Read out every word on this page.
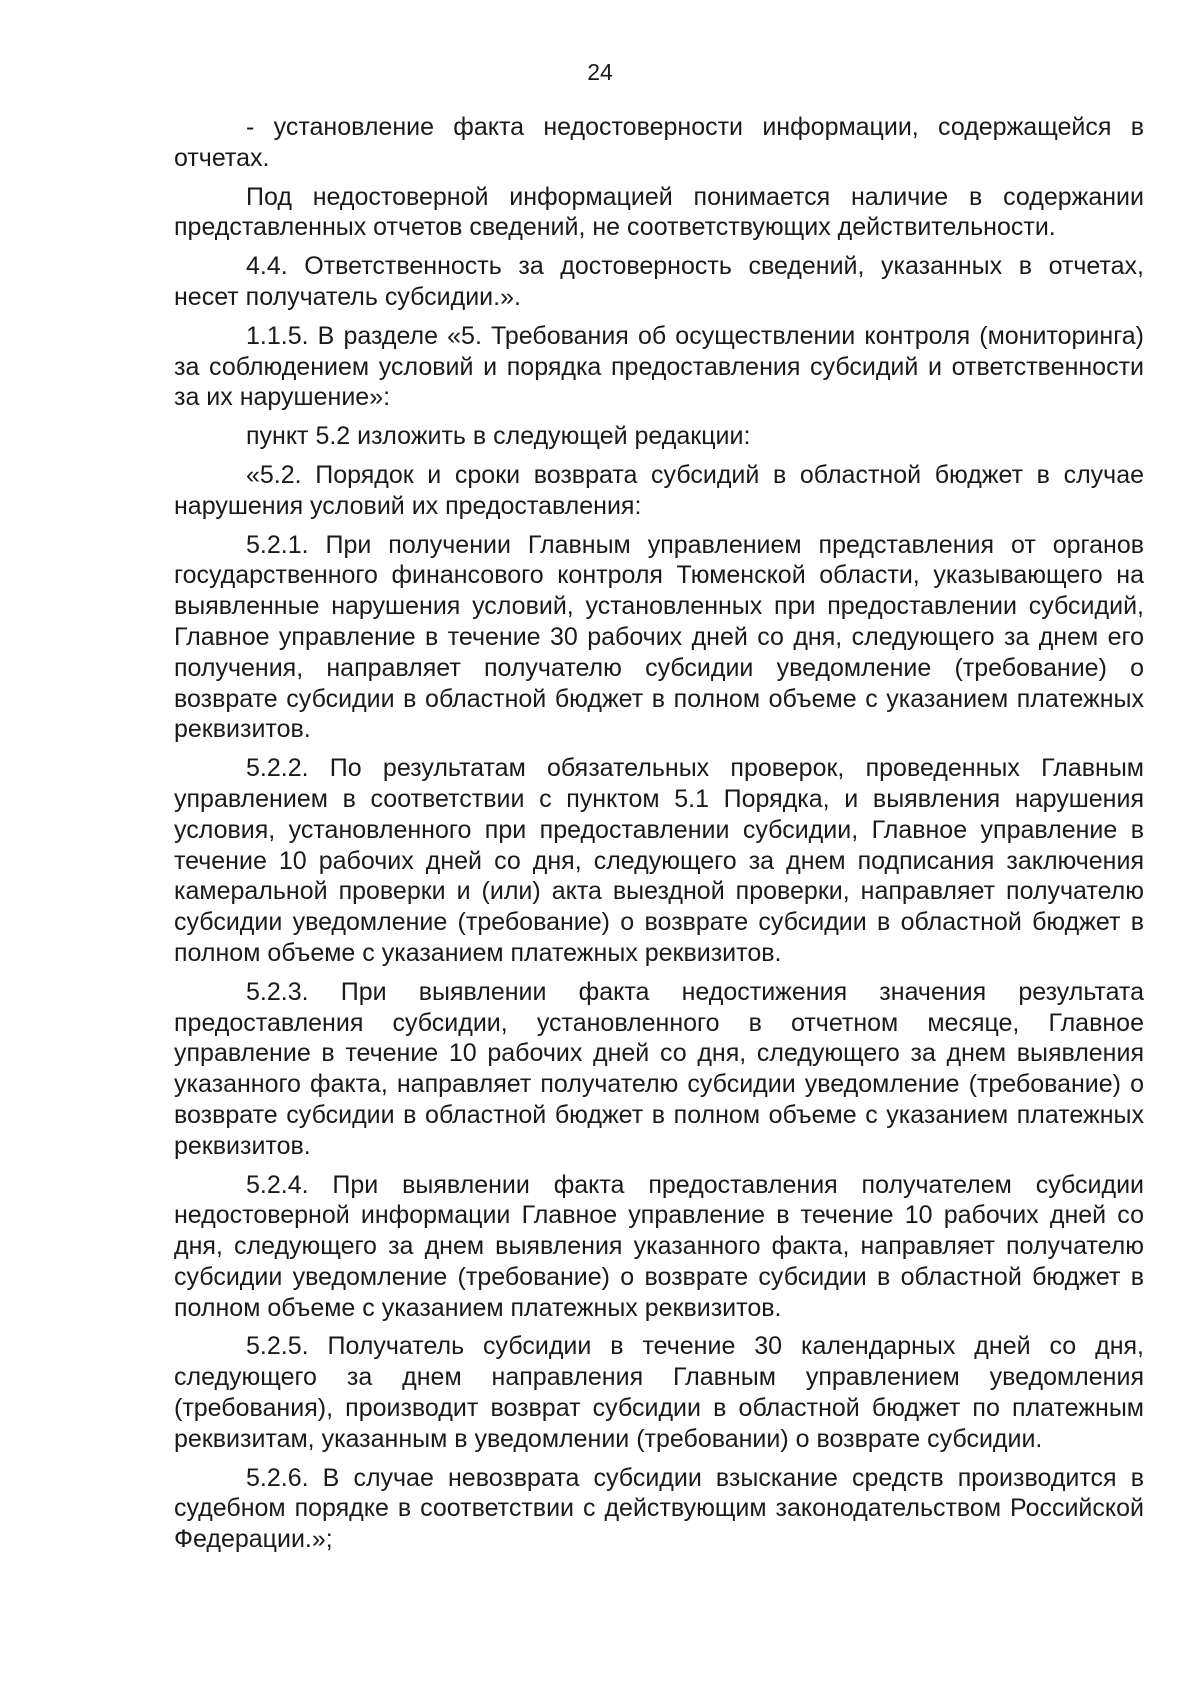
24

- установление факта недостоверности информации, содержащейся в отчетах.

Под недостоверной информацией понимается наличие в содержании представленных отчетов сведений, не соответствующих действительности.

4.4. Ответственность за достоверность сведений, указанных в отчетах, несет получатель субсидии.».

1.1.5. В разделе «5. Требования об осуществлении контроля (мониторинга) за соблюдением условий и порядка предоставления субсидий и ответственности за их нарушение»:

пункт 5.2 изложить в следующей редакции:

«5.2. Порядок и сроки возврата субсидий в областной бюджет в случае нарушения условий их предоставления:

5.2.1. При получении Главным управлением представления от органов государственного финансового контроля Тюменской области, указывающего на выявленные нарушения условий, установленных при предоставлении субсидий, Главное управление в течение 30 рабочих дней со дня, следующего за днем его получения, направляет получателю субсидии уведомление (требование) о возврате субсидии в областной бюджет в полном объеме с указанием платежных реквизитов.

5.2.2. По результатам обязательных проверок, проведенных Главным управлением в соответствии с пунктом 5.1 Порядка, и выявления нарушения условия, установленного при предоставлении субсидии, Главное управление в течение 10 рабочих дней со дня, следующего за днем подписания заключения камеральной проверки и (или) акта выездной проверки, направляет получателю субсидии уведомление (требование) о возврате субсидии в областной бюджет в полном объеме с указанием платежных реквизитов.

5.2.3. При выявлении факта недостижения значения результата предоставления субсидии, установленного в отчетном месяце, Главное управление в течение 10 рабочих дней со дня, следующего за днем выявления указанного факта, направляет получателю субсидии уведомление (требование) о возврате субсидии в областной бюджет в полном объеме с указанием платежных реквизитов.

5.2.4. При выявлении факта предоставления получателем субсидии недостоверной информации Главное управление в течение 10 рабочих дней со дня, следующего за днем выявления указанного факта, направляет получателю субсидии уведомление (требование) о возврате субсидии в областной бюджет в полном объеме с указанием платежных реквизитов.

5.2.5. Получатель субсидии в течение 30 календарных дней со дня, следующего за днем направления Главным управлением уведомления (требования), производит возврат субсидии в областной бюджет по платежным реквизитам, указанным в уведомлении (требовании) о возврате субсидии.

5.2.6. В случае невозврата субсидии взыскание средств производится в судебном порядке в соответствии с действующим законодательством Российской Федерации.»;
